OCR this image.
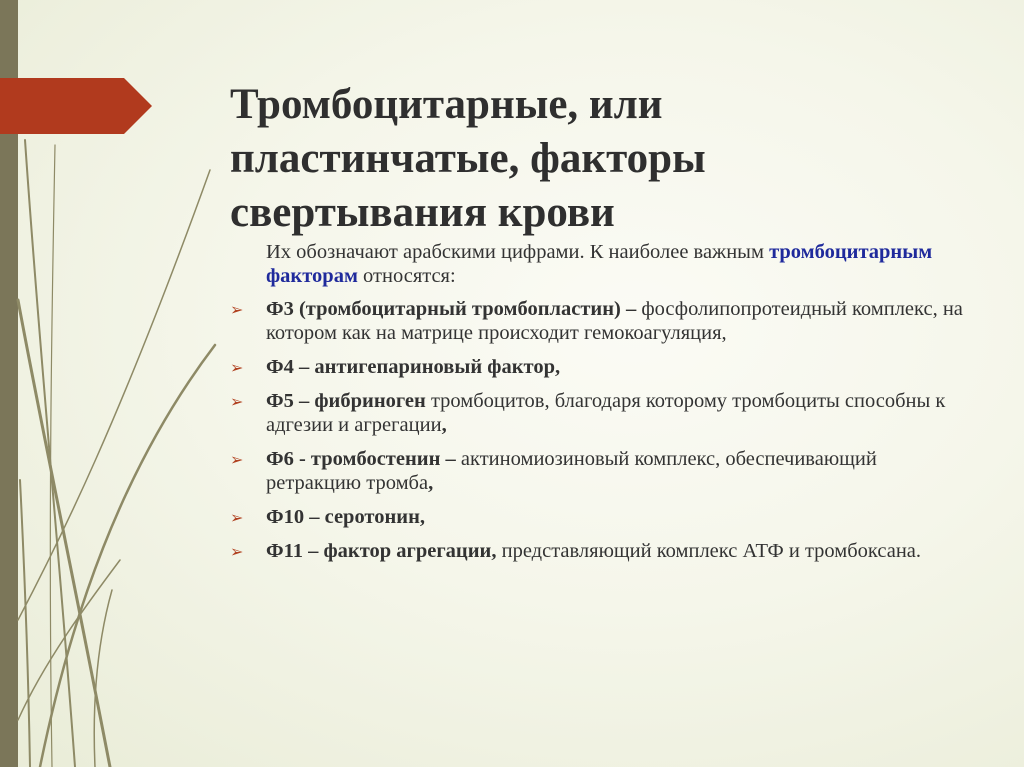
Тромбоцитарные, или
пластинчатые, факторы
свертывания крови

Их обозначают арабскими цифрами. К наиболее важным тромбоцитарным факторам относятся:

➢ Ф3 (тромбоцитарный тромбопластин) – фосфолипопротеидный комплекс, на котором как на матрице происходит гемокоагуляция,
➢ Ф4 – антигепариновый фактор,
➢ Ф5 – фибриноген тромбоцитов, благодаря которому тромбоциты способны к адгезии и агрегации,
➢ Ф6 - тромбостенин – актиномиозиновый комплекс, обеспечивающий ретракцию тромба,
➢ Ф10 – серотонин,
➢ Ф11 – фактор агрегации, представляющий комплекс АТФ и тромбоксана.
